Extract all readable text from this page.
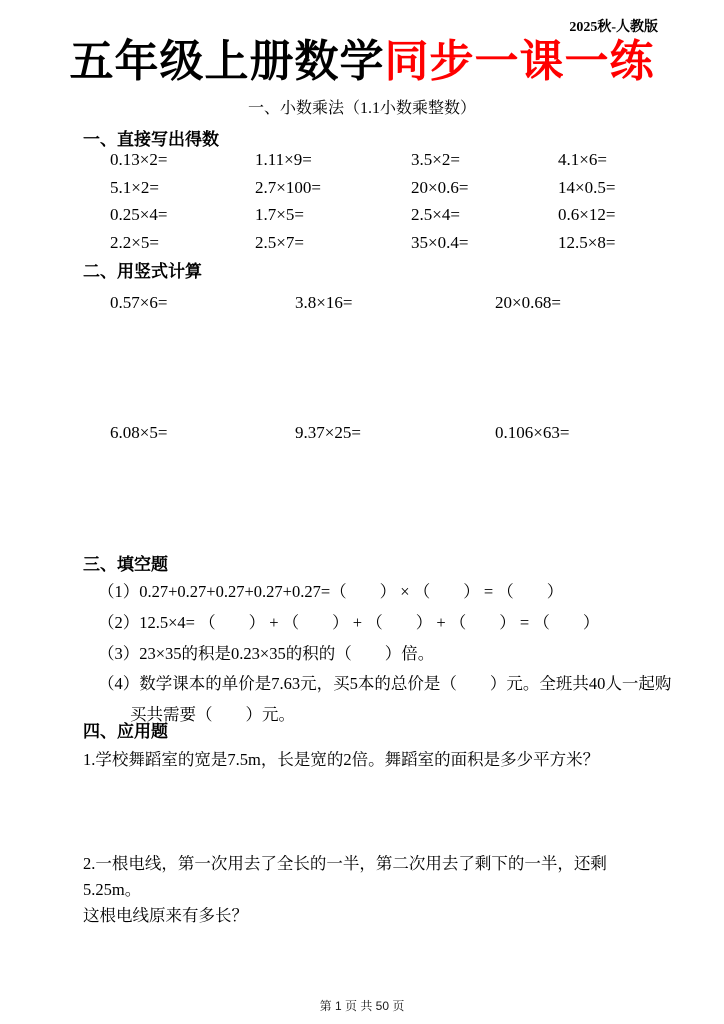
2025秋-人教版
五年级上册数学同步一课一练
一、小数乘法（1.1小数乘整数）
一、直接写出得数
0.13×2=	1.11×9=	3.5×2=	4.1×6=
5.1×2=	2.7×100=	20×0.6=	14×0.5=
0.25×4=	1.7×5=	2.5×4=	0.6×12=
2.2×5=	2.5×7=	35×0.4=	12.5×8=
二、用竖式计算
0.57×6=	3.8×16=	20×0.68=
6.08×5=	9.37×25=	0.106×63=
三、填空题
（1）0.27+0.27+0.27+0.27+0.27=（　　） × （　　） = （　　）
（2）12.5×4= （　　） + （　　） + （　　） + （　　） = （　　）
（3）23×35的积是0.23×35的积的（　　）倍。
（4）数学课本的单价是7.63元，买5本的总价是（　　）元。全班共40人一起购
买共需要（　　）元。
四、应用题
1.学校舞蹈室的宽是7.5m，长是宽的2倍。舞蹈室的面积是多少平方米？
2.一根电线，第一次用去了全长的一半，第二次用去了剩下的一半，还剩5.25m。
这根电线原来有多长？
第 1 页 共 50 页
